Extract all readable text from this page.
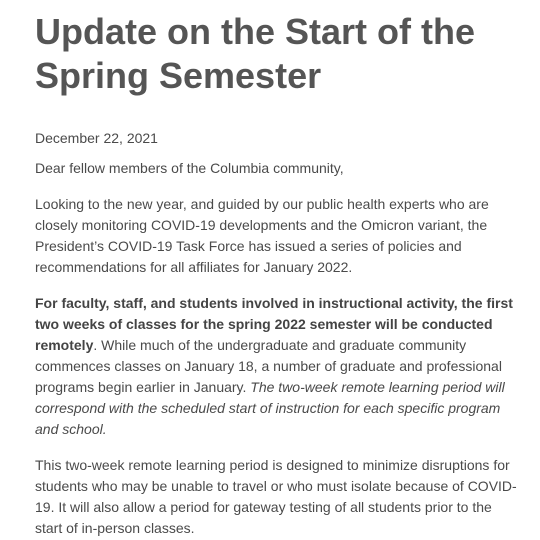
Update on the Start of the Spring Semester
December 22, 2021

Dear fellow members of the Columbia community,

Looking to the new year, and guided by our public health experts who are closely monitoring COVID-19 developments and the Omicron variant, the President’s COVID-19 Task Force has issued a series of policies and recommendations for all affiliates for January 2022.

For faculty, staff, and students involved in instructional activity, the first two weeks of classes for the spring 2022 semester will be conducted remotely. While much of the undergraduate and graduate community commences classes on January 18, a number of graduate and professional programs begin earlier in January. The two-week remote learning period will correspond with the scheduled start of instruction for each specific program and school.

This two-week remote learning period is designed to minimize disruptions for students who may be unable to travel or who must isolate because of COVID-19. It will also allow a period for gateway testing of all students prior to the start of in-person classes.
